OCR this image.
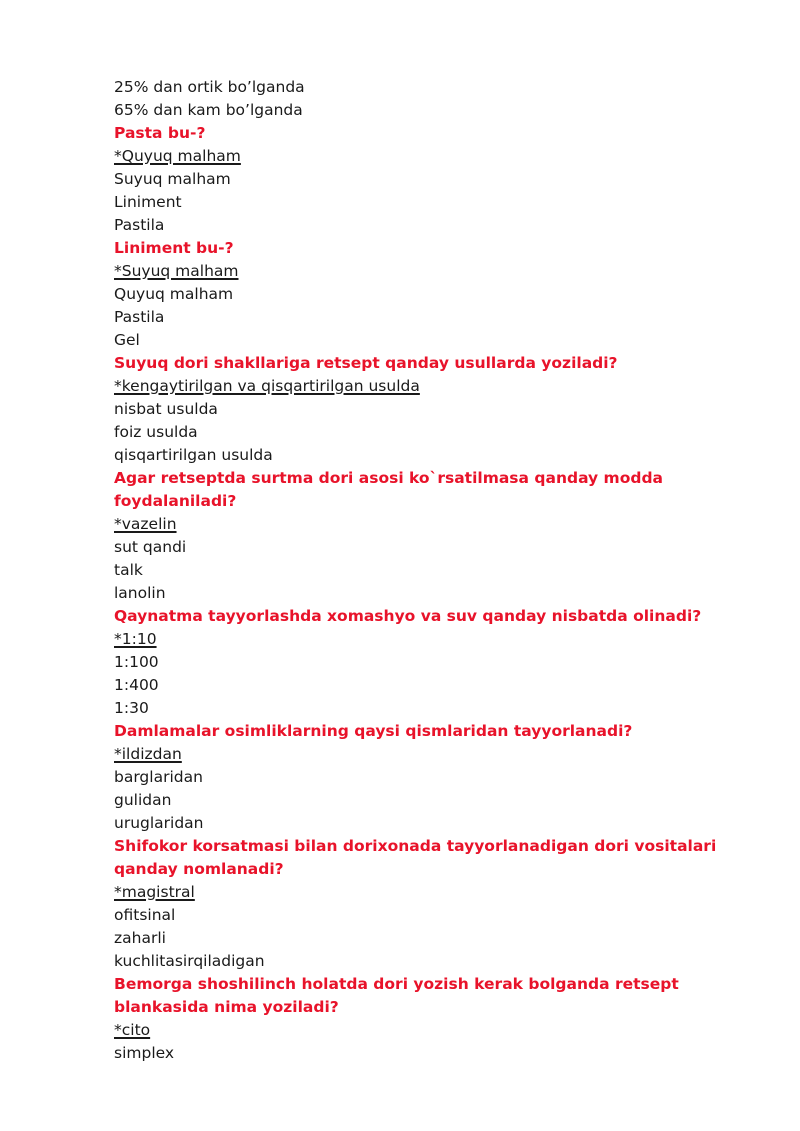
25% dan ortik bo’lganda
65% dan kam bo’lganda
Pasta bu-?
*Quyuq malham
Suyuq malham
Liniment
Pastila
Liniment bu-?
*Suyuq malham
Quyuq malham
Pastila
Gel
Suyuq dori shakllariga retsept qanday usullarda yoziladi?
*kengaytirilgan va qisqartirilgan usulda
nisbat usulda
foiz usulda
qisqartirilgan usulda
Agar retseptda surtma dori asosi ko`rsatilmasa qanday modda foydalaniladi?
*vazelin
sut qandi
talk
lanolin
Qaynatma tayyorlashda xomashyo va suv qanday nisbatda olinadi?
*1:10
1:100
1:400
1:30
Damlamalar osimliklarning qaysi qismlaridan tayyorlanadi?
*ildizdan
barglaridan
gulidan
uruglaridan
Shifokor korsatmasi bilan dorixonada tayyorlanadigan dori vositalari qanday nomlanadi?
*magistral
ofitsinal
zaharli
kuchlitasirqiladigan
Bemorga shoshilinch holatda dori yozish kerak bolganda retsept blankasida nima yoziladi?
*cito
simplex
